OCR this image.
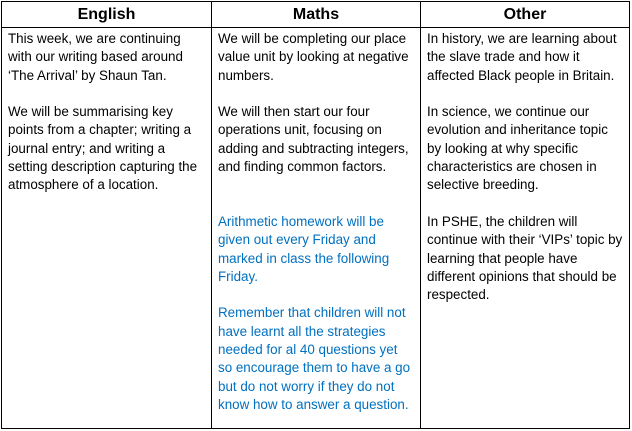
English	Maths	Other

This week, we are continuing with our writing based around ‘The Arrival’ by Shaun Tan.

We will be summarising key points from a chapter; writing a journal entry; and writing a setting description capturing the atmosphere of a location.

We will be completing our place value unit by looking at negative numbers.

We will then start our four operations unit, focusing on adding and subtracting integers, and finding common factors.

Arithmetic homework will be given out every Friday and marked in class the following Friday.

Remember that children will not have learnt all the strategies needed for al 40 questions yet so encourage them to have a go but do not worry if they do not know how to answer a question.

In history, we are learning about the slave trade and how it affected Black people in Britain.

In science, we continue our evolution and inheritance topic by looking at why specific characteristics are chosen in selective breeding.

In PSHE, the children will continue with their ‘VIPs’ topic by learning that people have different opinions that should be respected.
